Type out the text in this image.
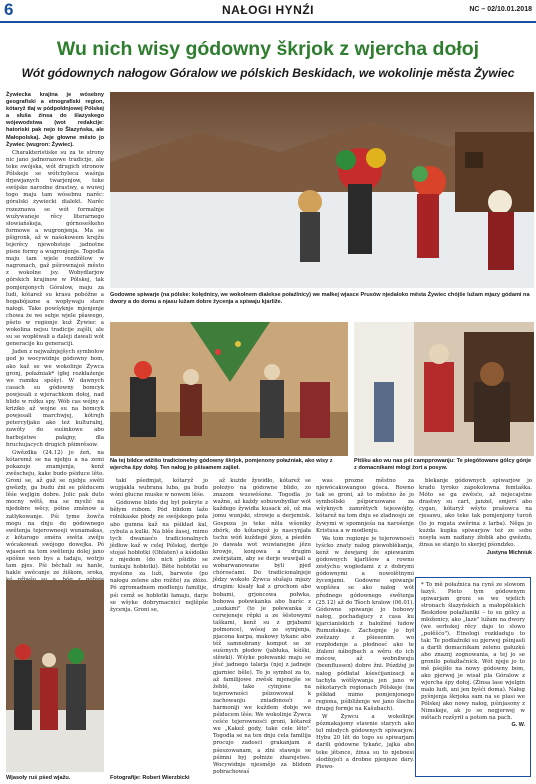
6	NAŁOGI HYNŹI	NC – 02/10.01.2018
Wu nich wisy gódowny škrjok z wjercha dołoj
Wót gódownych nałogow Góralow we pólskich Beskidach, we wokolinje města Żywiec

Żywiecka krajina je wósebny geografiski a etnografiski region, kótaryž tłaj w pódpołdnjowej Pólskej a słuša źinsa do šlazyskego wójewodstwa (wot redakcije: hatoriski pak nejo to Šlazyńska, ale Małopolska). Jeje głowne město jo Żywiec (wugron: Żywiec).

Charakteristiske su za te strony nic jano jadnorazowe tradicije, ale teke swójska, wót drugich stronow Pólskeje se wótchyleca wašnja drjewjanych twarjenjow, teke swójske narodne drastwy, a wuwej togo maju tam wósebnu narěc: góralski żywiecki dialekt. Narěc rozeznawa se wót formalnje wužywaneje rěcy literarnego słowiańskeja, górnoseškeho formowe a wugronjenja. Ma se pšigronk, až w naśokowem krejžu tejerěcy njewobstoje jadnotne pisne formy a wugronjenje. Togodla maju tam wjele rozdźělow w nagronach, gaž pśirownajoš město z wokolne jsy. Wobydlarjow górskich krajinow w Pólskej, tak pomjenjonych Góralow, maju za ludi, kótarež su krasu pobóžne a bogabójazne a wopływaju stare nałogi. Take powšyknje mjenjenje chowa że we sebje wjele pšawego, pšeto w regionje kuž Żywiec a wokolina nejsu tradicije zajšli, ale su se wopłěwali a daleji dawali wót generacije ku generaciji.

Jaden z nejwažnjejšych symbolow god jo wocywidnje gódowny bom, ako kaž se we wokolinje Żywca gronj, połaźniak* (głej rozkłaźenje we ramiku spóšy). W dawnych casach su gódowny bomcyk powjesali z wjerachkom dołoj, nad blido w rožku spy. Wób cas wójny a kriziko až wojne su na bomcyk powjesali marchwjej, kótrejh petercyłjaku ako też kulturalnj, zawóty do suśinkowe abo barbojstwe pałajny, dla bruchujacych drugich pšimrěsow.

Gwězdka (24.12) jo źeń, na kótaremž se na njebju a na zemi pokazujo znamjenja, kenž zwěscheju, kake budo pśiduce lěto. Groni se, až gaž se njebju swěti gwězdy, ga budu źni se pšiducem lěśe wejlgin dobre. Jolic pak duto mocny wětš, ma se myslić na njedobre wěcy, pótne změnow a zatłykowanje. Pśi tyme žowča mogu na dnju do gódownego swětenja tejerowneeji wunamakas, z kótarogo sméra swěta zwěju wócakowań swójogo dowejka. Pó wjaseri na tom swětenju dolej jano spóšne wen bys a tadaju, wotrjo tam pjes. Pśi běchali su hanle, hakle swěcanje ze źiškom, sroka,

Godowne spiwarje (na pólske: kolędnicy, we wokolnem dialekse połaźlnicy) we małkej wjasce Prusów njedaloko města Żywiec chójše lužam mjazy gódami na dwory a do domu a njasu lužam dobre žycenja a spiwaju kjarliže.
Na tej bildce wižišo tradicionelny gódowny škrjok, pomjenony połaźniak, ako wisy z wjercha špy dołoj. Ten nałog jo pšisamem zajšeł.
Pitšku ako wu nas pśi campprowanju: Te piegótowane gólcy gónje z domacnikami młogi žort a posyw.

taki pśedmjat, kótaryž jo wupjakla wubrana luba, ga budu wóni głucne muske w nowem lěśe.

Gódowne blido dej był pokryte z běłym rubom. Pód blidom lažo rolnikaske płody ze swójskego pola abo gumna kaž na pśikład kal, cybula a kulki. Na blěe žasej, mimo tych dwanasćo tradicionalnych jědłow kaž w celej Pólskej, derbje stojaš hobłotki (Oblaten) a kśidolko z mjedom (do nich pšidźo se tunkaju hobłotki). Běte hobłotki su myslone za luži, barwote (po nałogu zelene abo rožite) za złóżo. Pó zgromadnem modlenju familije, pśi cemž se hobłotki łamaju, darje se wšyke dobrymacnicí nejlěpše žycenja. Groni se,

až kużde žywidło, kótarež se położyo na gódowne blido, zo znazom wuswěśone. Togodla jo wažne, až každy sobuwobydlar wót každego žywidła kusack zě, ož ma jomu wunjski, strowje a derjemisk. Gospoza jo teke něla wšoniky zbórk, do kótarejož jo nascynjała tschu wóń kuždegé jězo, a pśeděn jo dawała wot wuwianejne jězu krowje, konjowa a drugim zwěrjatam, aby se derje wuwijali a wobarwanowane byli pjed chórosćami. Do tradicionalnjeje jědzy wokoło Żywca słušaju mjazy drugim: kisały kał z grochom abo bobami, grjoncowa połwka, bobowa połewkanka abo barśc z „uszkami" (to je połewanka z cerwjeneje rěpki a ze šěstowymi taškami, kenž su z grjabami połmonce), wósej ze symjenja, pjacona karpa, makowy tykanc abo též samnobrany kompot se ze suśonych płodow (jabłuka, kśiški, slěwki). Wśyke połewanki maju se jěsć jadnego talarja (njej z jadneje gjarniec běle). To jo symbol za to, až familijowe zwěsk mjenejše se žeblé, take cyinjone na tejerowności pśizowował k zachowanju zniaďonosći a harmoniji we kuždem dobje we pśiducem lěśe. We wokolinje Żywca cešće tejerownosći groni, kótarež we „Kakež gody, take cełe lěto". Togodla se na ten dnju cela familija procujo zadosci grakanjam a pśeszowanam, a zlni stawnje se pśimni byj połniże zharejstwo. Wocywidnje njesmějo za blidom pobrachowaś

was prozne městno za njewócakowangoo gósca. Rowno tak se groni, až to městno že jo symboliski pśiporuowane za wšyknych zamrětych tejeswójby, kótarež na tom dnju se zladnosju ze žywymi w spomnjeśa na narośenje Kristusa a w modlenju.

We tom regionje je tejerownosći tyścko znaty nałog piewoblékanja, kenž w źewjarej že spiewanim gódownych kjarlišow a rowno zestýchu wogledami z z dobrymi gódownymi a nowolětnymi žycenjami. Godowne spiwanje wopšíwa se ako nałog wót přednego gódownego swětenja (25.12) až do Tšoch kralow (06.01). Gódowne spiwanje jo hobowy nałog, pochadajucy z casa ku kjarcianiskich z haložiné ludow Rumuńskeje. Zachopnje jo był zwězany z pšiesenim wo rozpłodenje a płodnosć ako te žfaleni nábojbach a wěru do ich mócow, až wobnilwuju (beenflussen) dobre žni. Pózdźej jo nałog pódłatał kśesćijanizacji a tachyła wótšywanja jen jano w někotarych regionach Pólskeje (na pśikład mimo pomjenjonego regiona, pśibliženje we jano šlochu drugej formje na Kašubach).

W Żywcu a wokolinje pózmakajomy stawnie starych ako teł młodych gódownych spiwarjow. Hybu 20 lět do togo su spiwarjam darili gódowne tykańc, jajka abo teke jětsnce, źinsa su to njeboesi słodźojsći a drobne pjenjeze dary. Piewo-

blekanje gódownych spiwarjow jo kradu tyroko zapokolowna femtaška. Móto se ga zwěsćo, až nejecajstne drastwy su cart, janżel, smjerś abo cygan, kótaryž wšyto prašowca na rjesawu, ako teke tak pomjenjony turoń (to jo rogata zwěrina z larba). Něga jo kużda kupka spiwarjow też ze sobu nosyła sam naźłany źłobik abo gwězdu, źinsa se stanjo to skerjej pśondzko.

Justyna Michniuk

* To mě połaźnica na cynš ze slowom łazyš. Pieto tym gódownym spiwarjam groni se we wjelich stronach šlazyńskich a małopólskich Beskidow połaźlaniki – to su gólcy a młoženicy, ako „łaze" lužam na dwory (we serbskej rěcy dajo to slowo „połěšćo"). Etnologi rozkładuju to tak: Te podłaźniki su pjerwej pśinjasli a darili domacnikam zelenu gałuzkú abo znaznj zognowania, a tej jo se gronilo połaźłačnick. Wót njeje jo to mě pśejšło na nowy gódowny bom, ako pjerwej je wisał pla Góralow z wjercha śpy dołoj. (Źinsa lase wjelgin mało ludi, ani jen byšći doma). Nałog pyšnjenja škrjoka sam na se plasi we Pólskej ako nowy nałog, pśinjasony z Nimskeje, ak jo se negjerwej w mětach rozšyrił a potom na pach.

G. W.

Wjasoły ruś pśed wjažu.	Fotografije: Robert Wierzbicki
